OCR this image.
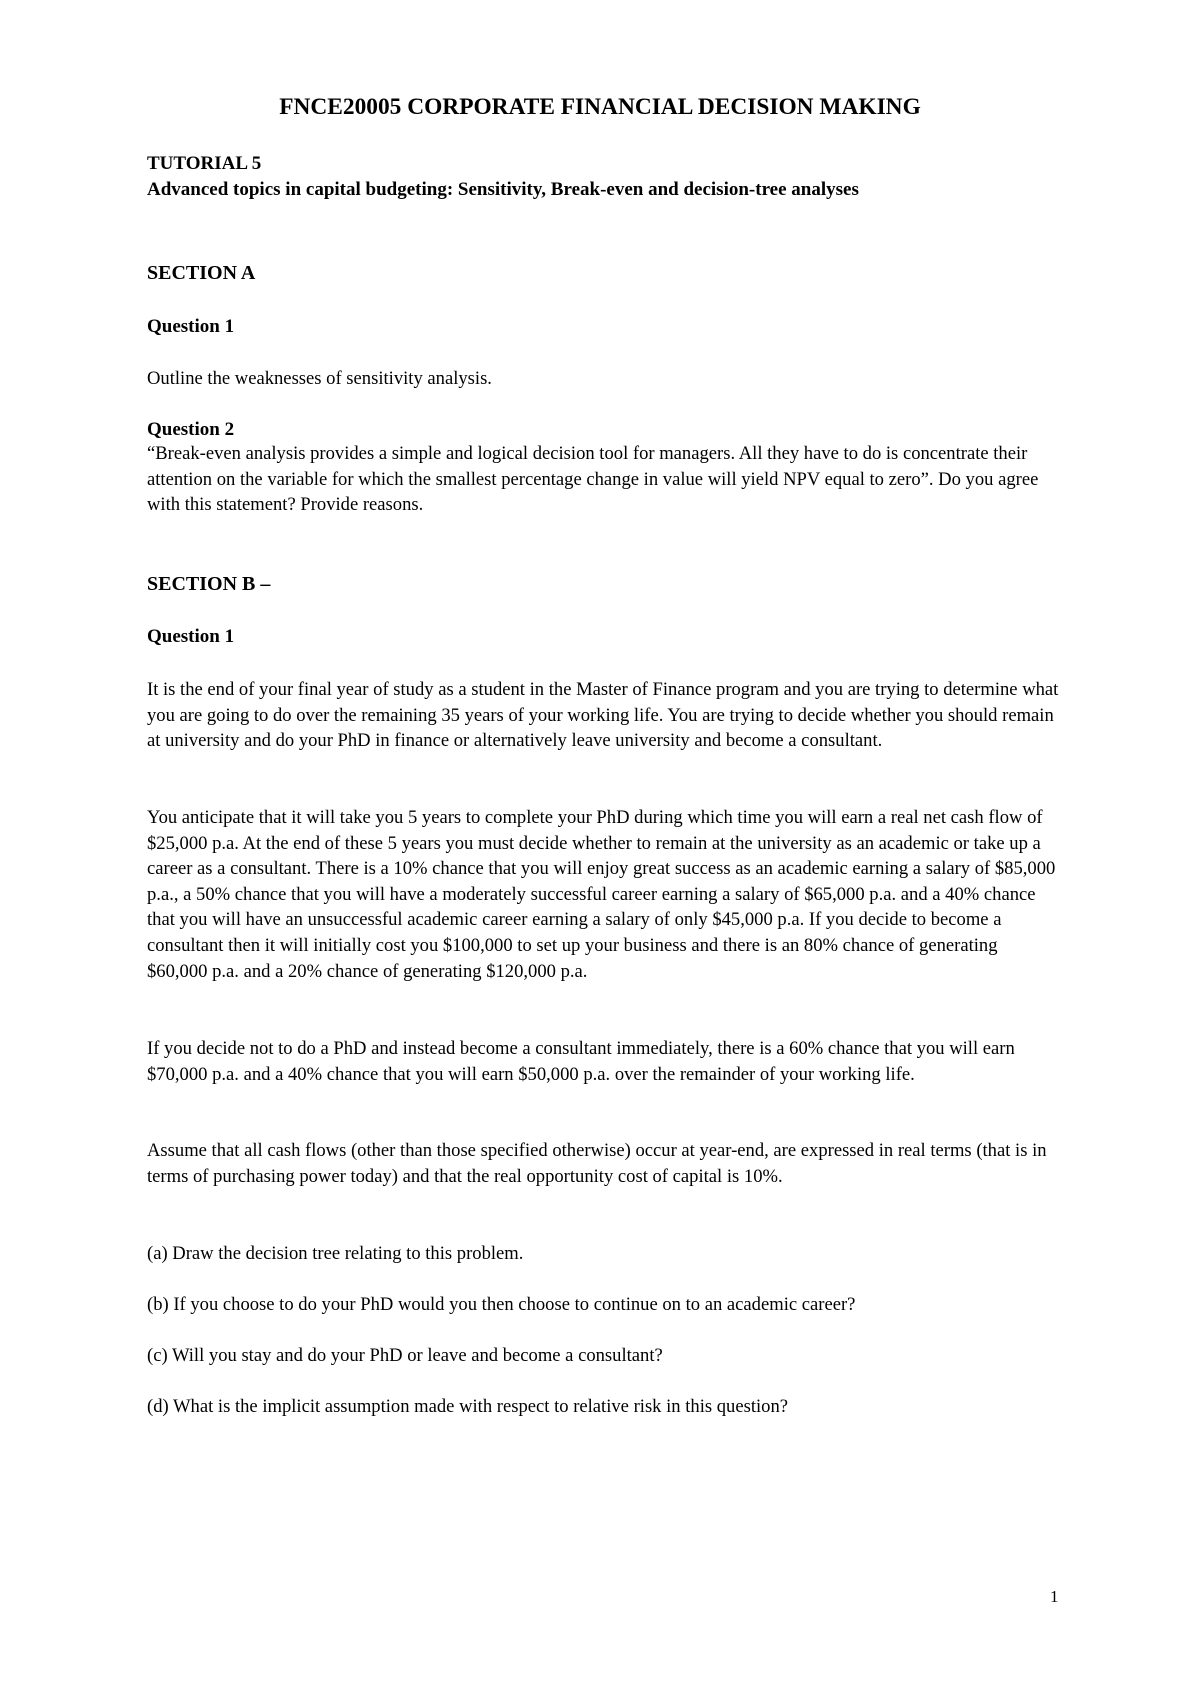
FNCE20005 CORPORATE FINANCIAL DECISION MAKING

TUTORIAL 5

Advanced topics in capital budgeting: Sensitivity, Break-even and decision-tree analyses

SECTION A

Question 1

Outline the weaknesses of sensitivity analysis.

Question 2

“Break-even analysis provides a simple and logical decision tool for managers. All they have to do is concentrate their attention on the variable for which the smallest percentage change in value will yield NPV equal to zero”. Do you agree with this statement? Provide reasons.

SECTION B –

Question 1

It is the end of your final year of study as a student in the Master of Finance program and you are trying to determine what you are going to do over the remaining 35 years of your working life. You are trying to decide whether you should remain at university and do your PhD in finance or alternatively leave university and become a consultant.

You anticipate that it will take you 5 years to complete your PhD during which time you will earn a real net cash flow of $25,000 p.a. At the end of these 5 years you must decide whether to remain at the university as an academic or take up a career as a consultant. There is a 10% chance that you will enjoy great success as an academic earning a salary of $85,000 p.a., a 50% chance that you will have a moderately successful career earning a salary of $65,000 p.a. and a 40% chance that you will have an unsuccessful academic career earning a salary of only $45,000 p.a. If you decide to become a consultant then it will initially cost you $100,000 to set up your business and there is an 80% chance of generating $60,000 p.a. and a 20% chance of generating $120,000 p.a.

If you decide not to do a PhD and instead become a consultant immediately, there is a 60% chance that you will earn $70,000 p.a. and a 40% chance that you will earn $50,000 p.a. over the remainder of your working life.

Assume that all cash flows (other than those specified otherwise) occur at year-end, are expressed in real terms (that is in terms of purchasing power today) and that the real opportunity cost of capital is 10%.

(a) Draw the decision tree relating to this problem.

(b) If you choose to do your PhD would you then choose to continue on to an academic career?

(c) Will you stay and do your PhD or leave and become a consultant?

(d) What is the implicit assumption made with respect to relative risk in this question?

1
